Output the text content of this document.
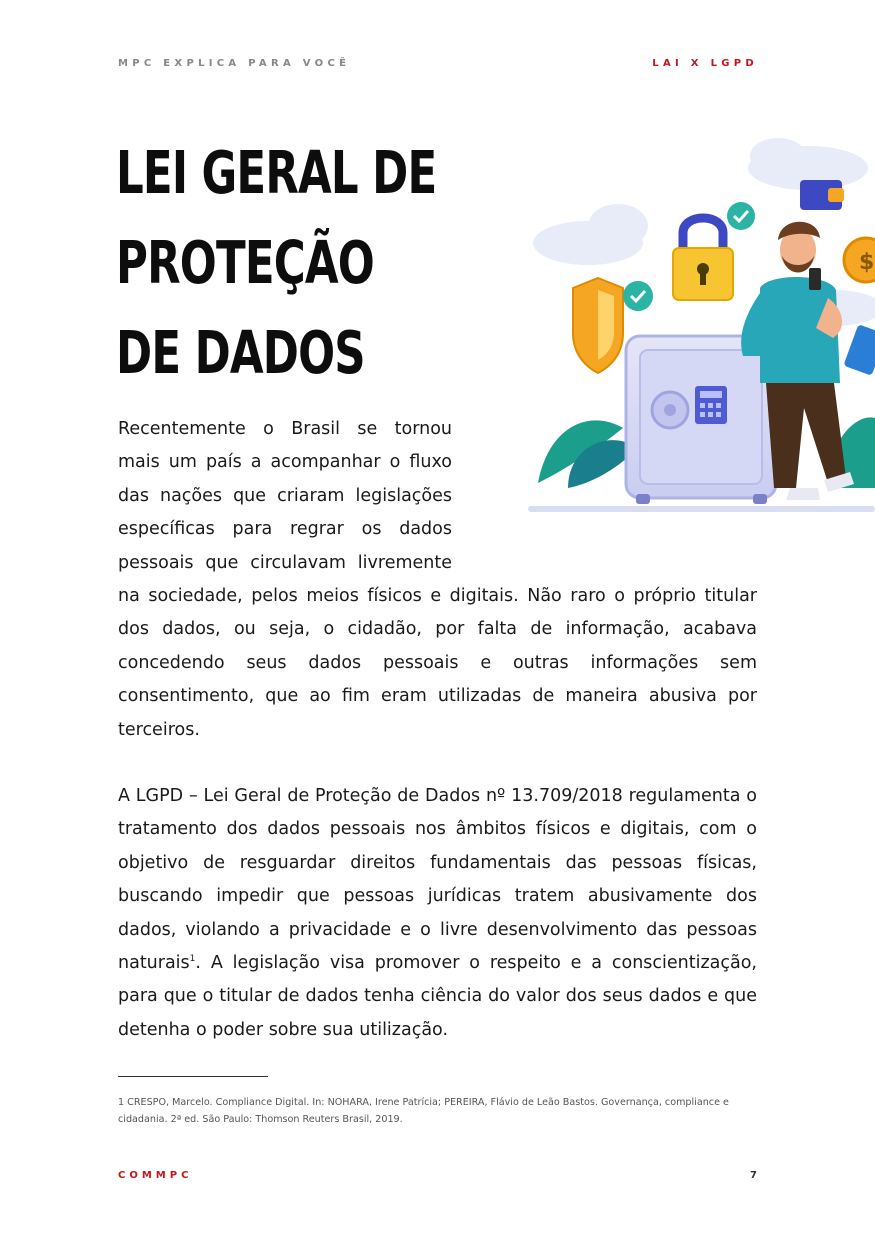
MPC EXPLICA PARA VOCÊ	LAI X LGPD
LEI GERAL DE
PROTEÇÃO
DE DADOS
$

Recentemente o Brasil se tornou mais um país a acompanhar o fluxo das nações que criaram legislações específicas para regrar os dados pessoais que circulavam livremente na sociedade, pelos meios físicos e digitais. Não raro o próprio titular dos dados, ou seja, o cidadão, por falta de informação, acabava concedendo seus dados pessoais e outras informações sem consentimento, que ao fim eram utilizadas de maneira abusiva por terceiros.

A LGPD – Lei Geral de Proteção de Dados nº 13.709/2018 regulamenta o tratamento dos dados pessoais nos âmbitos físicos e digitais, com o objetivo de resguardar direitos fundamentais das pessoas físicas, buscando impedir que pessoas jurídicas tratem abusivamente dos dados, violando a privacidade e o livre desenvolvimento das pessoas naturais$^1$. A legislação visa promover o respeito e a conscientização, para que o titular de dados tenha ciência do valor dos seus dados e que detenha o poder sobre sua utilização.

1 CRESPO, Marcelo. Compliance Digital. In: NOHARA, Irene Patrícia; PEREIRA, Flávio de Leão Bastos. Governança, compliance e cidadania. 2ª ed. São Paulo: Thomson Reuters Brasil, 2019.

COMMPC	7
